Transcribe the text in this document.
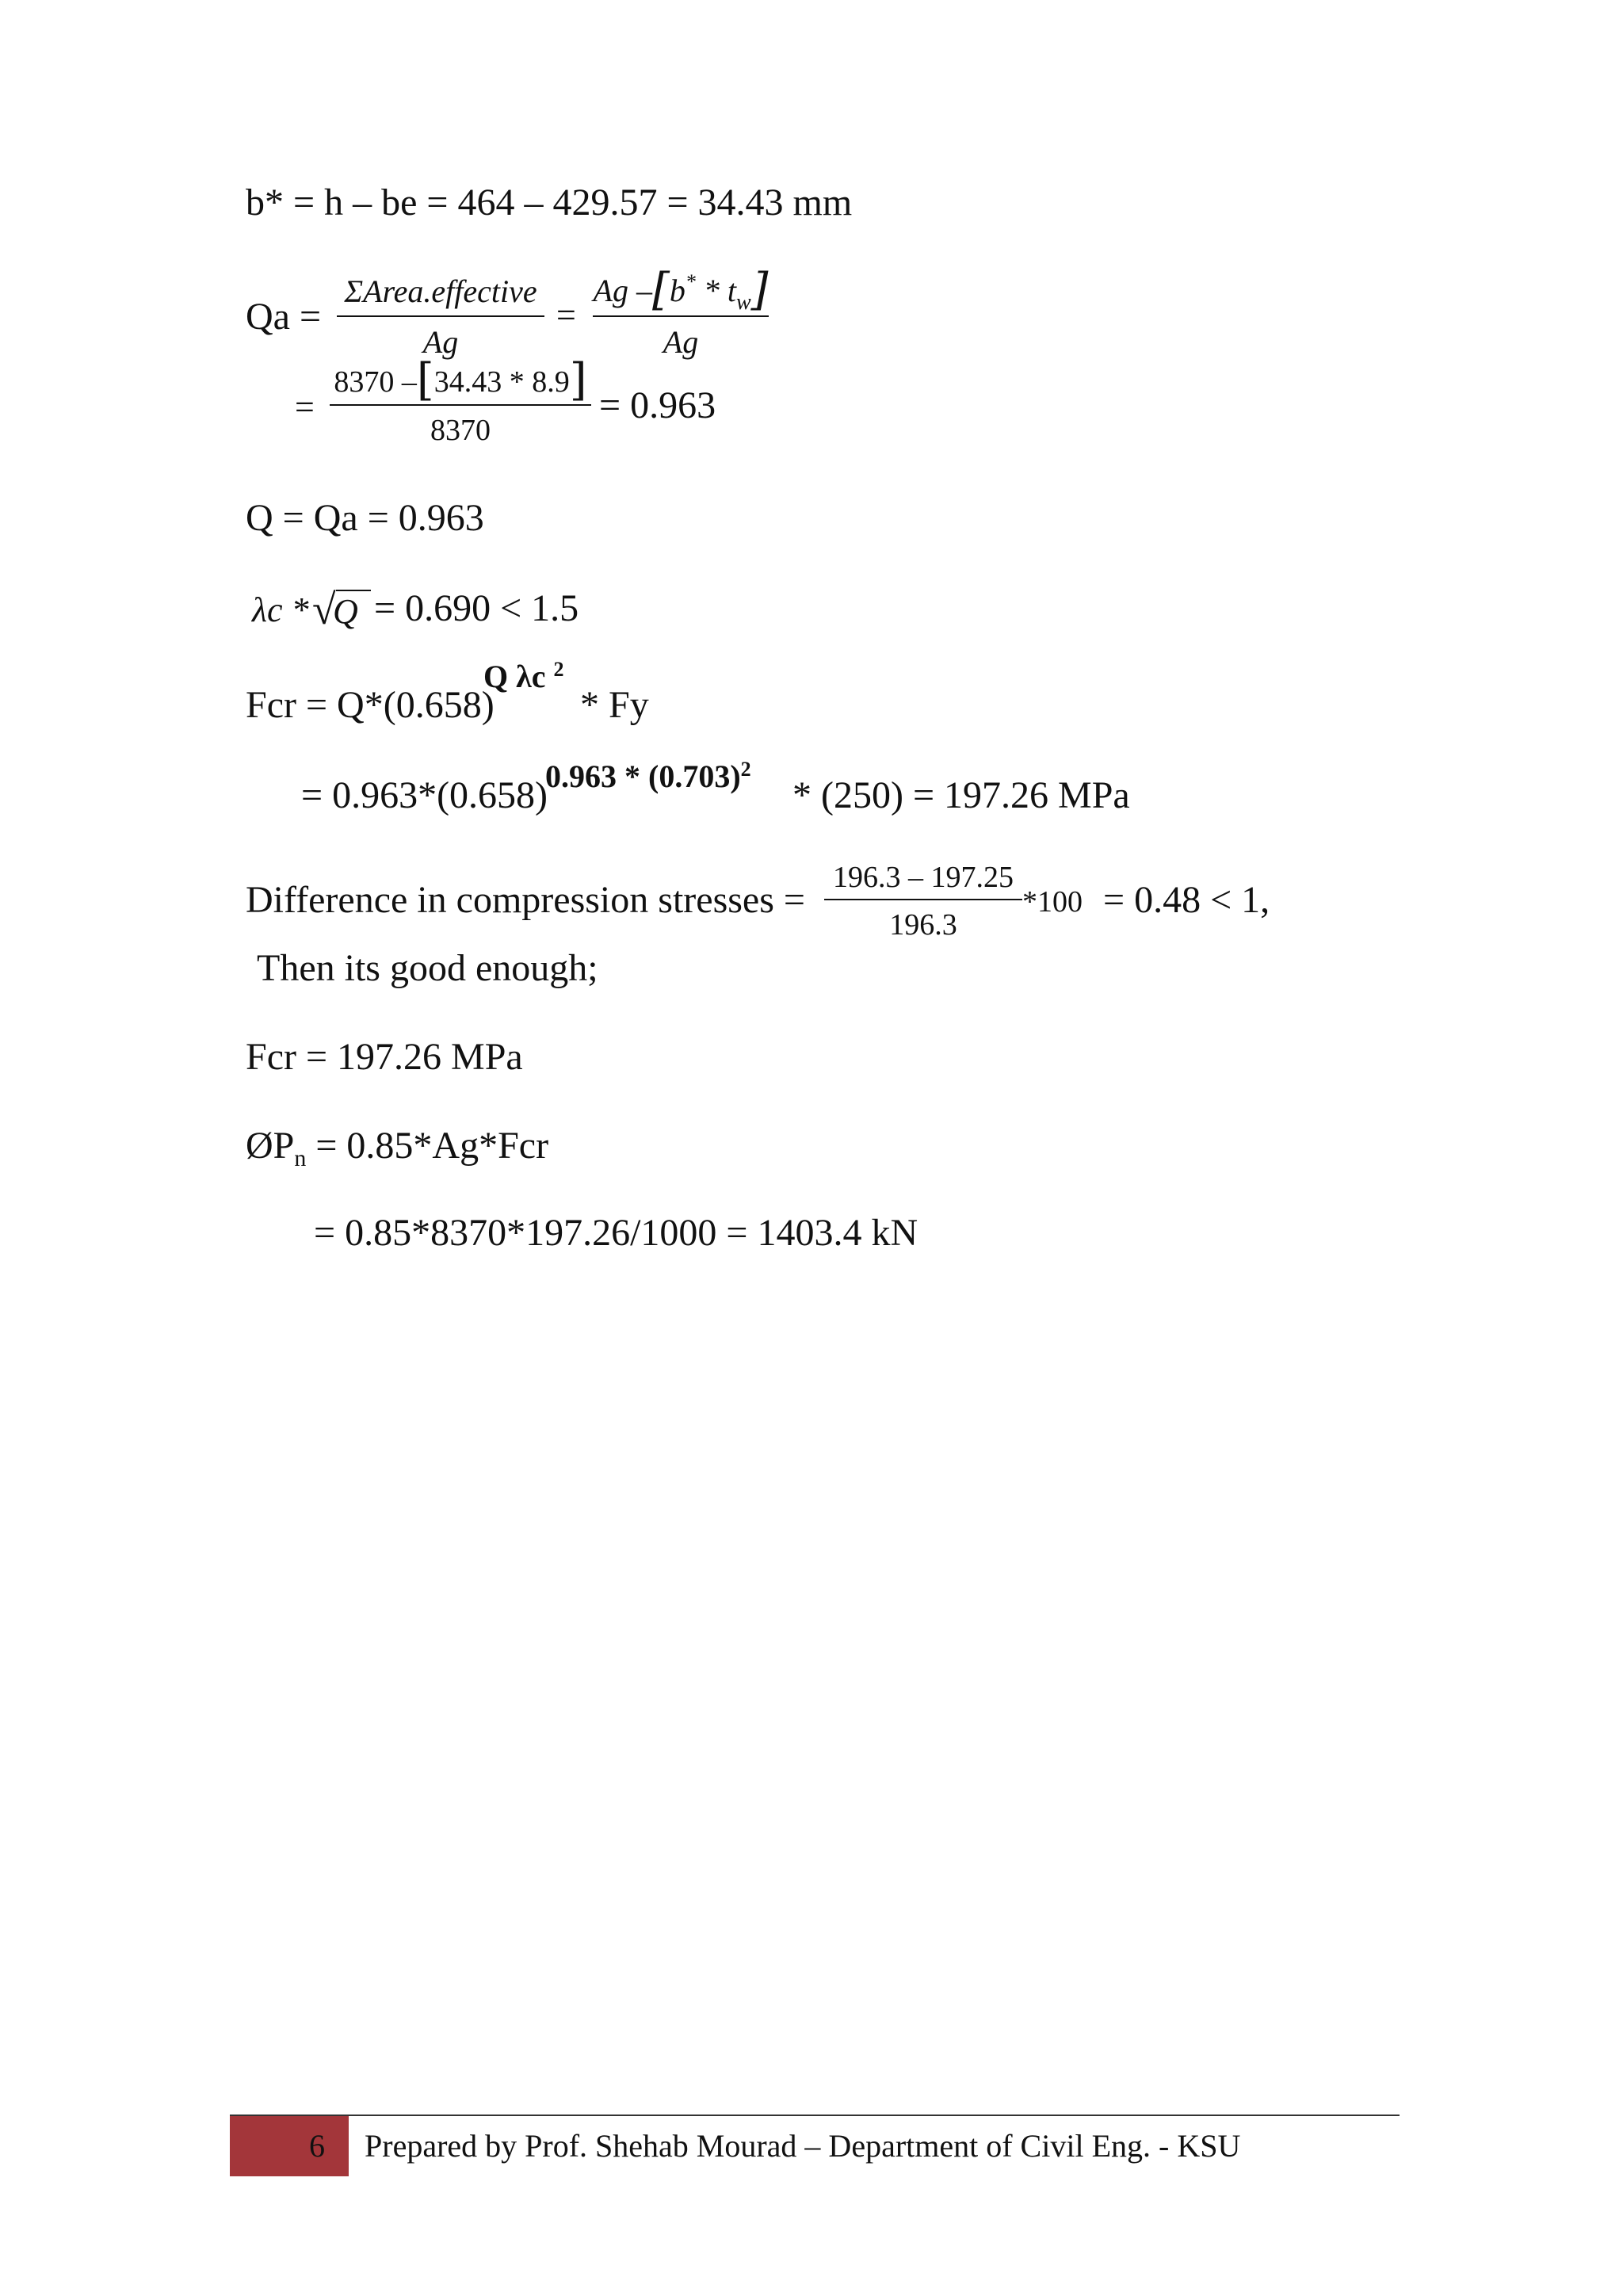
b* = h – be = 464 – 429.57 = 34.43 mm
Qa =
ΣArea.effective
Ag
=
Ag $-[b^* * t_w]$
Ag
=
8370 –[34.43 * 8.9]
8370
= 0.963
Q = Qa = 0.963
λc * √
Q = 0.690 < 1.5
Fcr = Q*(0.658)
Q λc $^2$
* Fy
= 0.963*(0.658)
$0.963 * (0.703)^2$
* (250) = 197.26 MPa
Difference in compression stresses =
196.3 – 197.25
196.3
*100 = 0.48 < 1,
Then its good enough;
Fcr = 197.26 MPa
$ØP_n = 0.85*Ag*Fcr$
= 0.85*8370*197.26/1000 = 1403.4 kN
6 Prepared by Prof. Shehab Mourad – Department of Civil Eng. - KSU
